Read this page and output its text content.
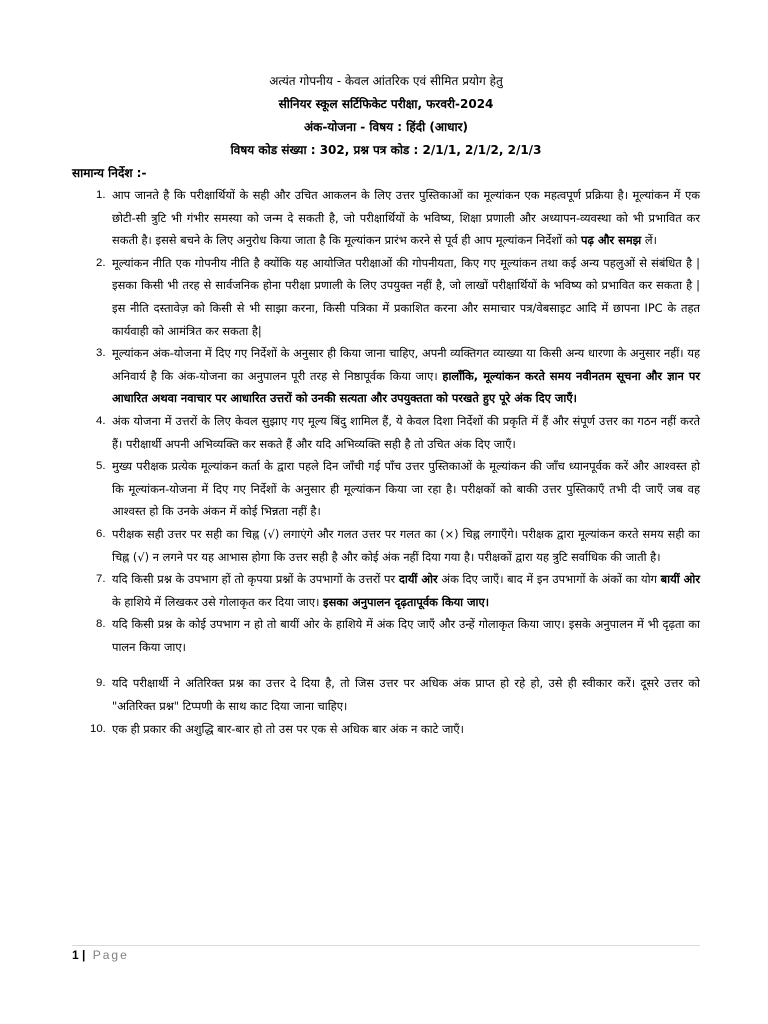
अत्यंत गोपनीय - केवल आंतरिक एवं सीमित प्रयोग हेतु
सीनियर स्कूल सर्टिफिकेट परीक्षा, फरवरी-2024
अंक-योजना - विषय : हिंदी (आधार)
विषय कोड संख्या : 302, प्रश्न पत्र कोड : 2/1/1, 2/1/2, 2/1/3
सामान्य निर्देश :-
1. आप जानते है कि परीक्षार्थियों के सही और उचित आकलन के लिए उत्तर पुस्तिकाओं का मूल्यांकन एक महत्वपूर्ण प्रक्रिया है। मूल्यांकन में एक छोटी-सी त्रुटि भी गंभीर समस्या को जन्म दे सकती है, जो परीक्षार्थियों के भविष्य, शिक्षा प्रणाली और अध्यापन-व्यवस्था को भी प्रभावित कर सकती है। इससे बचने के लिए अनुरोध किया जाता है कि मूल्यांकन प्रारंभ करने से पूर्व ही आप मूल्यांकन निर्देशों को पढ़ और समझ लें।
2. मूल्यांकन नीति एक गोपनीय नीति है क्योंकि यह आयोजित परीक्षाओं की गोपनीयता, किए गए मूल्यांकन तथा कई अन्य पहलुओं से संबंधित है | इसका किसी भी तरह से सार्वजनिक होना परीक्षा प्रणाली के लिए उपयुक्त नहीं है, जो लाखों परीक्षार्थियों के भविष्य को प्रभावित कर सकता है | इस नीति दस्तावेज़ को किसी से भी साझा करना, किसी पत्रिका में प्रकाशित करना और समाचार पत्र/वेबसाइट आदि में छापना IPC के तहत कार्यवाही को आमंत्रित कर सकता है|
3. मूल्यांकन अंक-योजना में दिए गए निर्देशों के अनुसार ही किया जाना चाहिए, अपनी व्यक्तिगत व्याख्या या किसी अन्य धारणा के अनुसार नहीं। यह अनिवार्य है कि अंक-योजना का अनुपालन पूरी तरह से निष्ठापूर्वक किया जाए। हालाँकि, मूल्यांकन करते समय नवीनतम सूचना और ज्ञान पर आधारित अथवा नवाचार पर आधारित उत्तरों को उनकी सत्यता और उपयुक्तता को परखते हुए पूरे अंक दिए जाएँ।
4. अंक योजना में उत्तरों के लिए केवल सुझाए गए मूल्य बिंदु शामिल हैं, ये केवल दिशा निर्देशों की प्रकृति में हैं और संपूर्ण उत्तर का गठन नहीं करते हैं। परीक्षार्थी अपनी अभिव्यक्ति कर सकते हैं और यदि अभिव्यक्ति सही है तो उचित अंक दिए जाएँ।
5. मुख्य परीक्षक प्रत्येक मूल्यांकन कर्ता के द्वारा पहले दिन जाँची गई पाँच उत्तर पुस्तिकाओं के मूल्यांकन की जाँच ध्यानपूर्वक करें और आश्वस्त हो कि मूल्यांकन-योजना में दिए गए निर्देशों के अनुसार ही मूल्यांकन किया जा रहा है। परीक्षकों को बाकी उत्तर पुस्तिकाएँ तभी दी जाएँ जब वह आश्वस्त हो कि उनके अंकन में कोई भिन्नता नहीं है।
6. परीक्षक सही उत्तर पर सही का चिह्न (√) लगाएंगे और गलत उत्तर पर गलत का (×) चिह्न लगाएँगे। परीक्षक द्वारा मूल्यांकन करते समय सही का चिह्न (√) न लगने पर यह आभास होगा कि उत्तर सही है और कोई अंक नहीं दिया गया है। परीक्षकों द्वारा यह त्रुटि सर्वाधिक की जाती है।
7. यदि किसी प्रश्न के उपभाग हों तो कृपया प्रश्नों के उपभागों के उत्तरों पर दायीं ओर अंक दिए जाएँ। बाद में इन उपभागों के अंकों का योग बायीं ओर के हाशिये में लिखकर उसे गोलाकृत कर दिया जाए। इसका अनुपालन दृढ़तापूर्वक किया जाए।
8. यदि किसी प्रश्न के कोई उपभाग न हो तो बायीं ओर के हाशिये में अंक दिए जाएँ और उन्हें गोलाकृत किया जाए। इसके अनुपालन में भी दृढ़ता का पालन किया जाए।
9. यदि परीक्षार्थी ने अतिरिक्त प्रश्न का उत्तर दे दिया है, तो जिस उत्तर पर अधिक अंक प्राप्त हो रहे हो, उसे ही स्वीकार करें। दूसरे उत्तर को "अतिरिक्त प्रश्न" टिप्पणी के साथ काट दिया जाना चाहिए।
10. एक ही प्रकार की अशुद्धि बार-बार हो तो उस पर एक से अधिक बार अंक न काटे जाएँ।
1 | Page
